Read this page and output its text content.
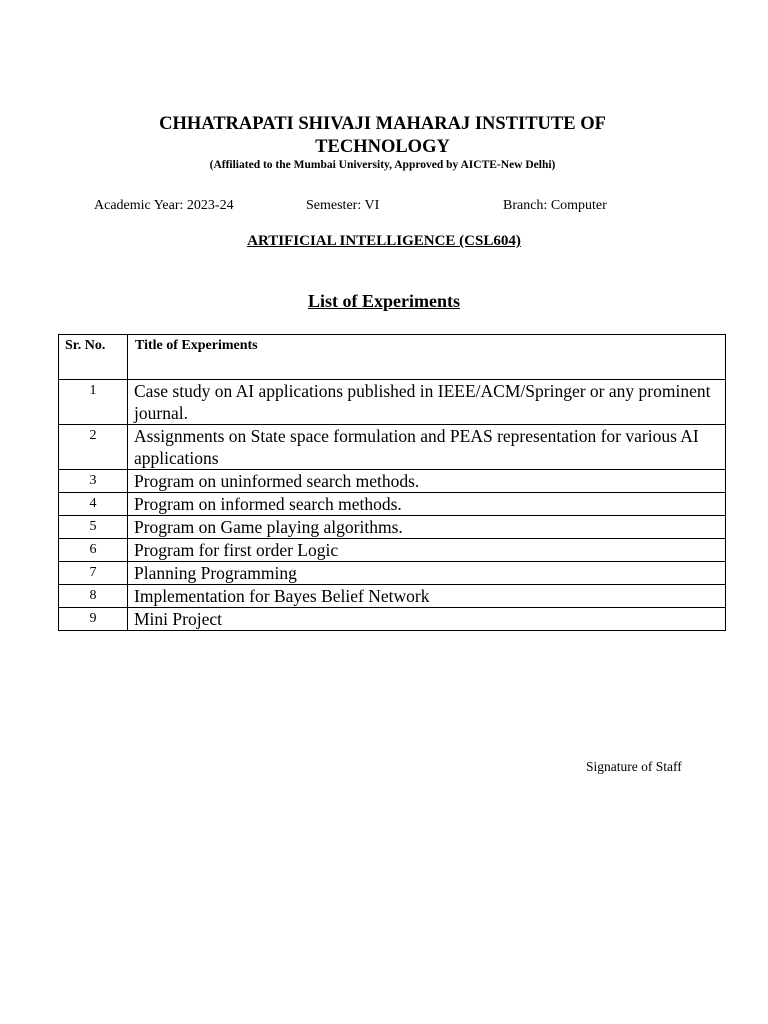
CHHATRAPATI SHIVAJI MAHARAJ INSTITUTE OF TECHNOLOGY
(Affiliated to the Mumbai University, Approved by AICTE-New Delhi)
Academic Year: 2023-24	Semester: VI	Branch: Computer
ARTIFICIAL INTELLIGENCE (CSL604)
List of Experiments
Sr. No.	Title of Experiments
1	Case study on AI applications published in IEEE/ACM/Springer or any prominent journal.
2	Assignments on State space formulation and PEAS representation for various AI applications
3	Program on uninformed search methods.
4	Program on informed search methods.
5	Program on Game playing algorithms.
6	Program for first order Logic
7	Planning Programming
8	Implementation for Bayes Belief Network
9	Mini Project
Signature of Staff
